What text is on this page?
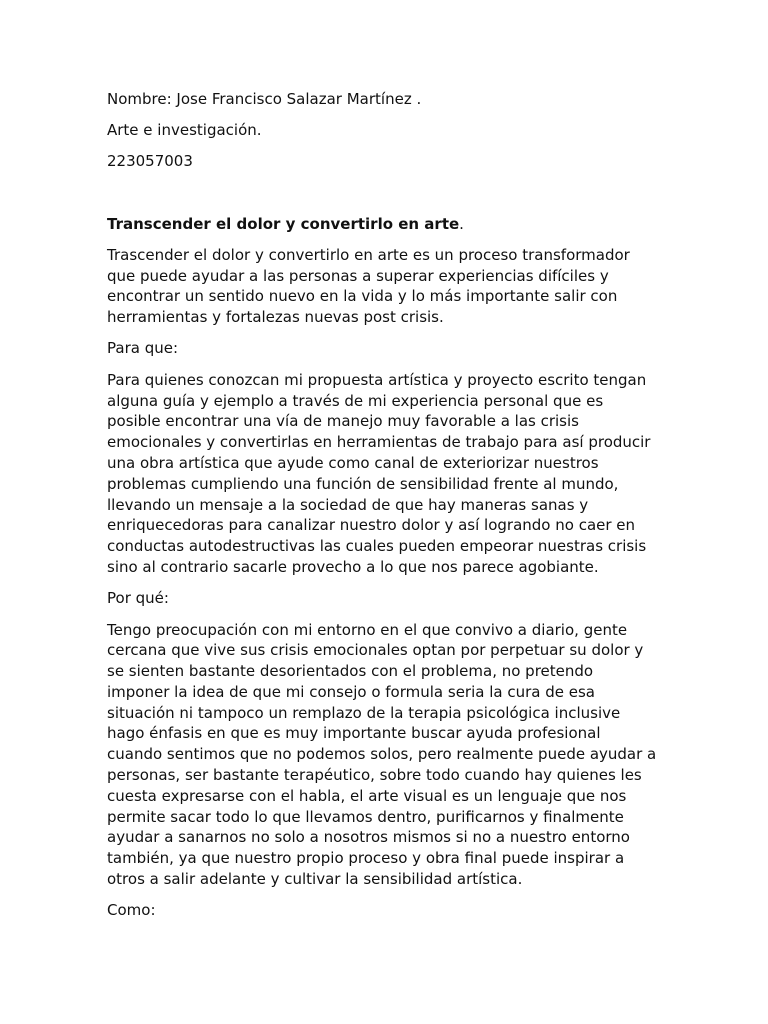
Nombre: Jose Francisco Salazar Martínez .

Arte e investigación.

223057003

Transcender el dolor y convertirlo en arte.

Trascender el dolor y convertirlo en arte es un proceso transformador

que puede ayudar a las personas a superar experiencias difíciles y

encontrar un sentido nuevo en la vida y lo más importante salir con

herramientas y fortalezas nuevas post crisis.

Para que:

Para quienes conozcan mi propuesta artística y proyecto escrito tengan

alguna guía y ejemplo a través de mi experiencia personal que es

posible encontrar una vía de manejo muy favorable a las crisis

emocionales y convertirlas en herramientas de trabajo para así producir

una obra artística que ayude como canal de exteriorizar nuestros

problemas cumpliendo una función de sensibilidad frente al mundo,

llevando un mensaje a la sociedad de que hay maneras sanas y

enriquecedoras para canalizar nuestro dolor y así logrando no caer en

conductas autodestructivas las cuales pueden empeorar nuestras crisis

sino al contrario sacarle provecho a lo que nos parece agobiante.

Por qué:

Tengo preocupación con mi entorno en el que convivo a diario, gente

cercana que vive sus crisis emocionales optan por perpetuar su dolor y

se sienten bastante desorientados con el problema, no pretendo

imponer la idea de que mi consejo o formula seria la cura de esa

situación ni tampoco un remplazo de la terapia psicológica inclusive

hago énfasis en que es muy importante buscar ayuda profesional

cuando sentimos que no podemos solos, pero realmente puede ayudar a

personas, ser bastante terapéutico, sobre todo cuando hay quienes les

cuesta expresarse con el habla, el arte visual es un lenguaje que nos

permite sacar todo lo que llevamos dentro, purificarnos y finalmente

ayudar a sanarnos no solo a nosotros mismos si no a nuestro entorno

también, ya que nuestro propio proceso y obra final puede inspirar a

otros a salir adelante y cultivar la sensibilidad artística.

Como:
